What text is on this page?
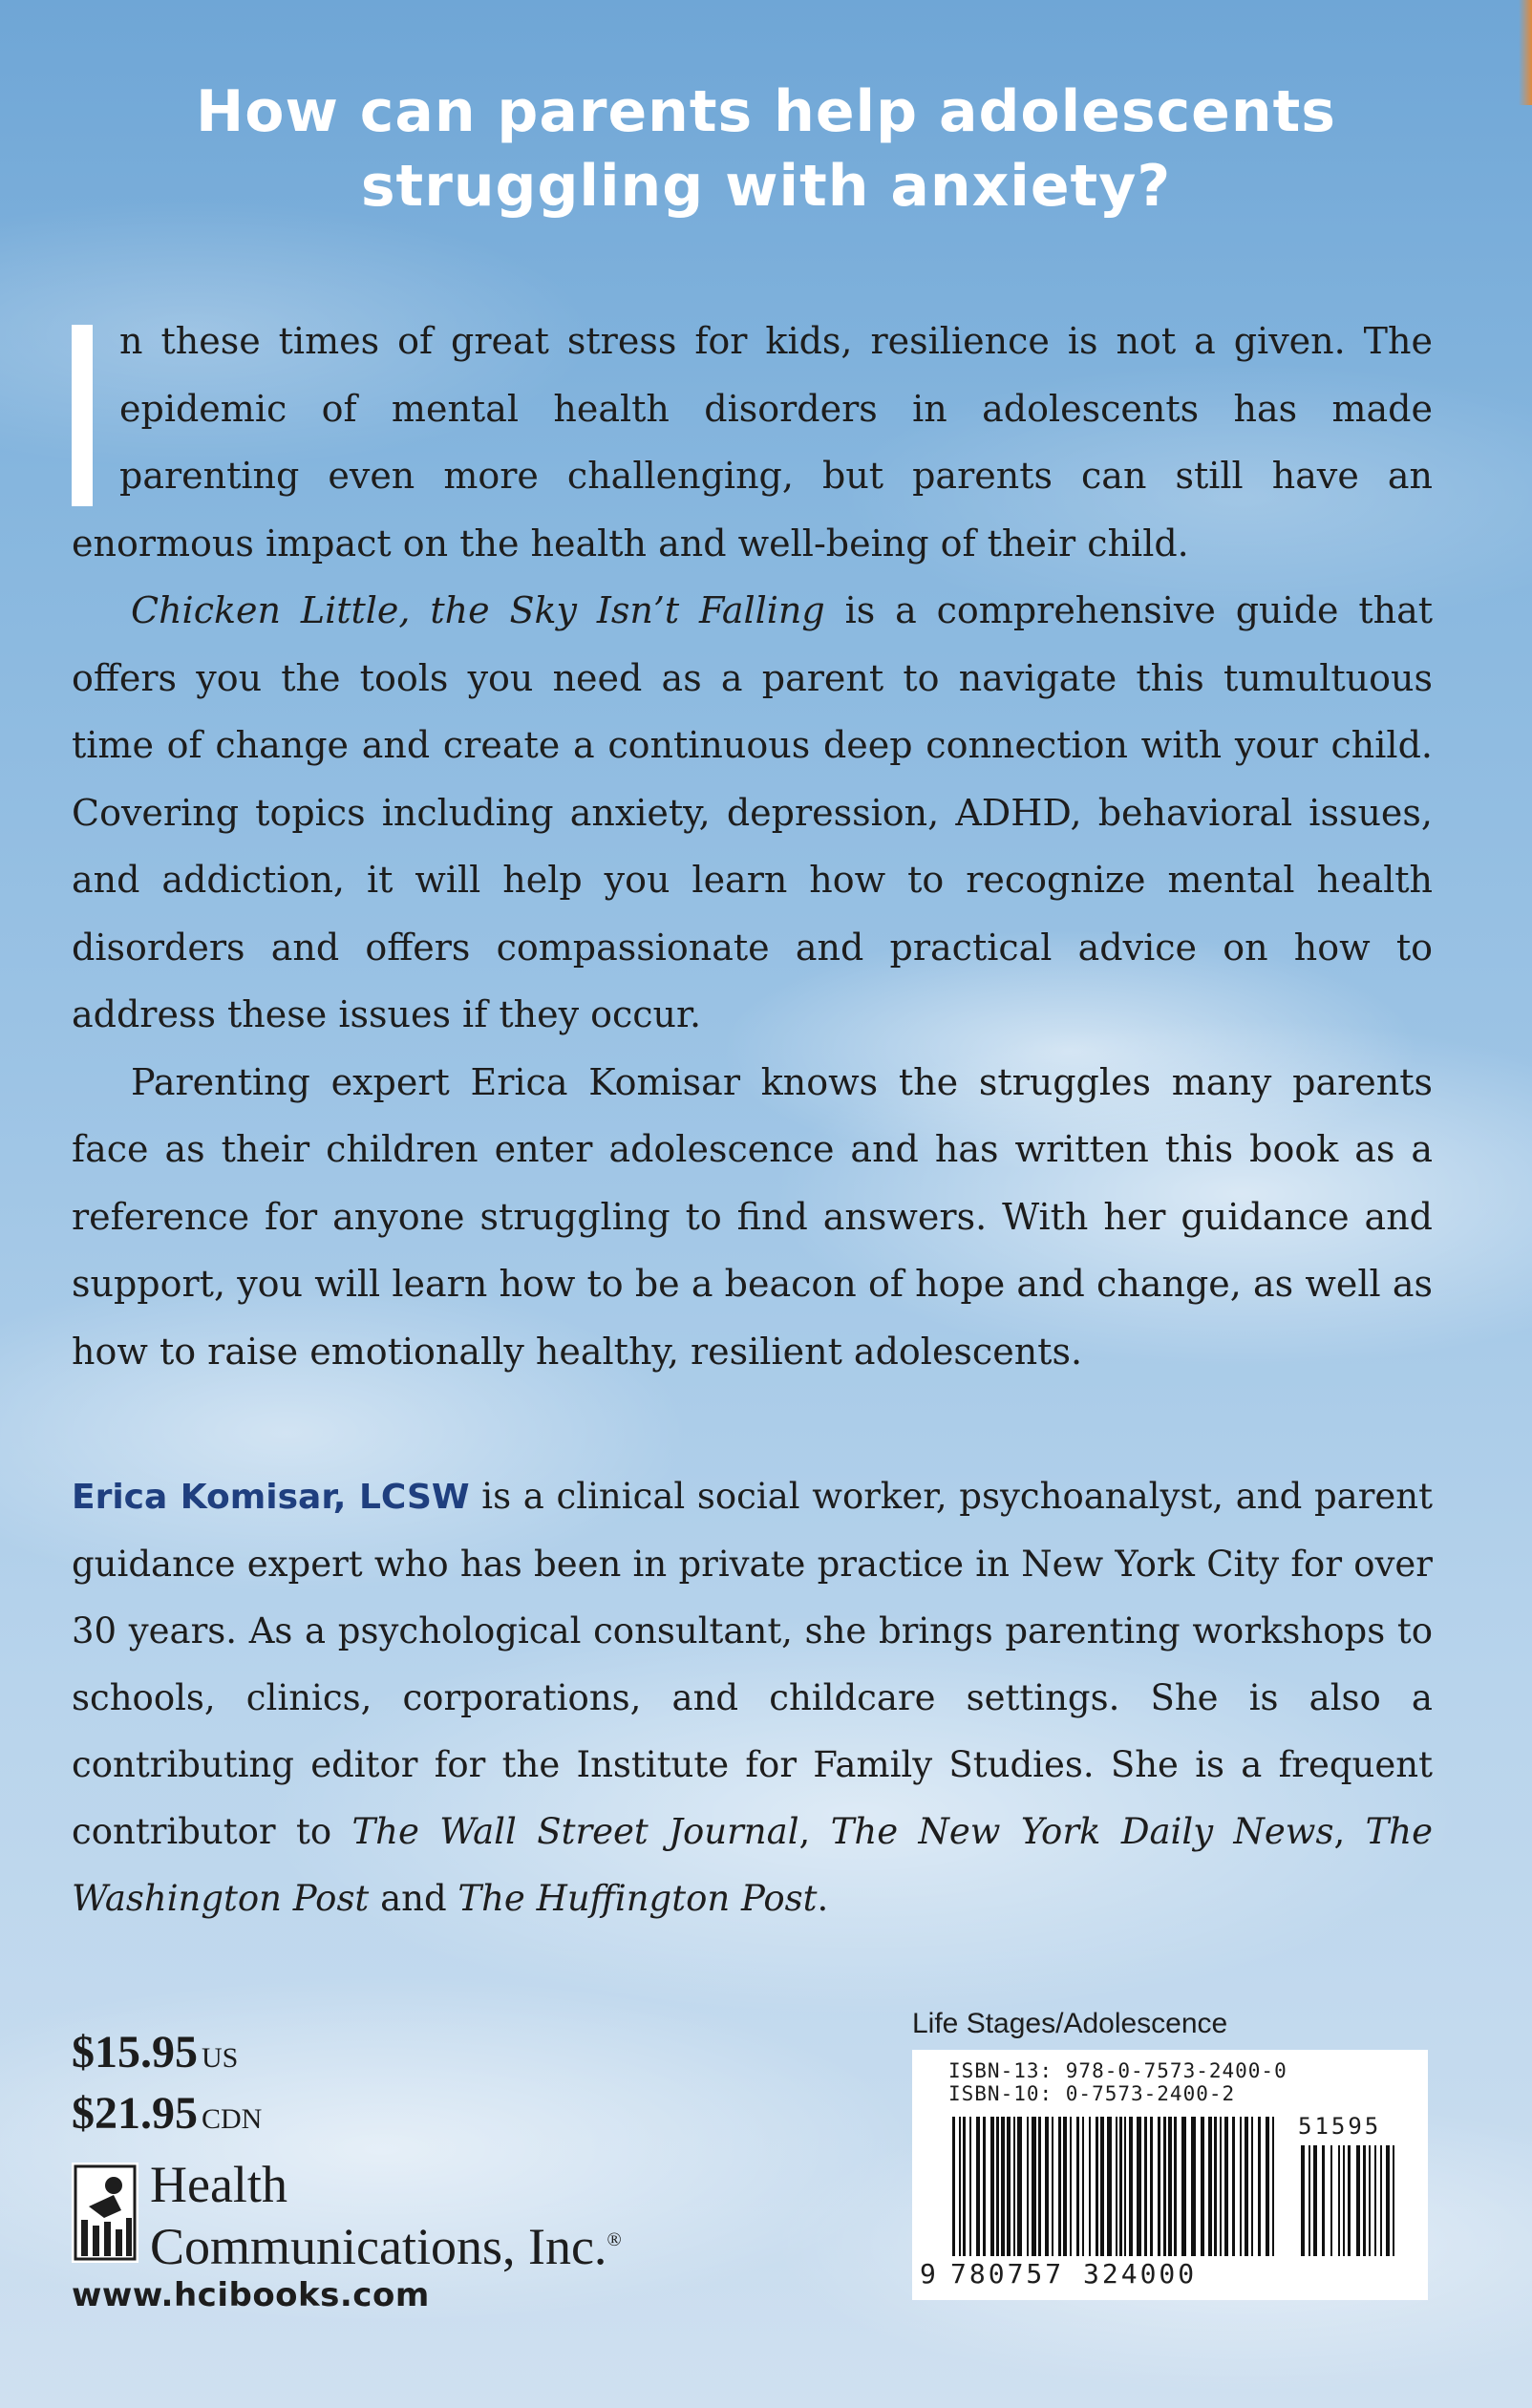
How can parents help adolescents
struggling with anxiety?

n these times of great stress for kids, resilience is not a given. The epidemic of mental health disorders in adolescents has made parenting even more challenging, but parents can still have an enormous impact on the health and well-being of their child.

Chicken Little, the Sky Isn’t Falling is a comprehensive guide that offers you the tools you need as a parent to navigate this tumultuous time of change and create a continuous deep connection with your child. Covering topics including anxiety, depression, ADHD, behavioral issues, and addiction, it will help you learn how to recognize mental health disorders and offers compassionate and practical advice on how to address these issues if they occur.

Parenting expert Erica Komisar knows the struggles many parents face as their children enter adolescence and has written this book as a reference for anyone struggling to find answers. With her guidance and support, you will learn how to be a beacon of hope and change, as well as how to raise emotionally healthy, resilient adolescents.

Erica Komisar, LCSW is a clinical social worker, psychoanalyst, and parent guidance expert who has been in private practice in New York City for over 30 years. As a psychological consultant, she brings parenting workshops to schools, clinics, corporations, and childcare settings. She is also a contributing editor for the Institute for Family Studies. She is a frequent contributor to The Wall Street Journal, The New York Daily News, The Washington Post and The Huffington Post.
$15.95 US
$21.95 CDN
Health
Communications, Inc.®
www.hcibooks.com
Life Stages/Adolescence
ISBN-13: 978-0-7573-2400-0
ISBN-10: 0-7573-2400-2
51595
9 780757 324000
